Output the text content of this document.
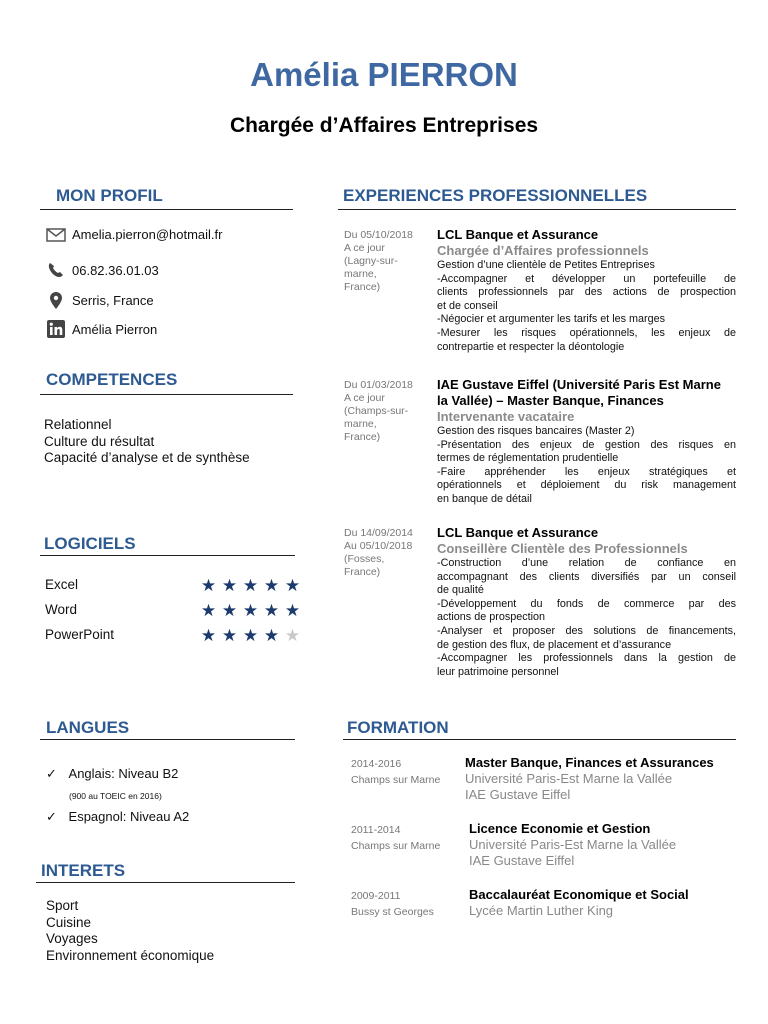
Amélia PIERRON
Chargée d’Affaires Entreprises
MON PROFIL
Amelia.pierron@hotmail.fr
06.82.36.01.03
Serris, France
Amélia Pierron
COMPETENCES
Relationnel
Culture du résultat
Capacité d’analyse et de synthèse
LOGICIELS
Excel	★ ★ ★ ★ ★
Word	★ ★ ★ ★ ★
PowerPoint	★ ★ ★ ★ ★
LANGUES
✓ Anglais: Niveau B2
(900 au TOEIC en 2016)
✓ Espagnol: Niveau A2
INTERETS
Sport
Cuisine
Voyages
Environnement économique
EXPERIENCES PROFESSIONNELLES
Du 05/10/2018
A ce jour
(Lagny-sur-
marne,
France)
LCL Banque et Assurance
Chargée d’Affaires professionnels
Gestion d’une clientèle de Petites Entreprises
-Accompagner et développer un portefeuille de
clients professionnels par des actions de prospection
et de conseil
-Négocier et argumenter les tarifs et les marges
-Mesurer les risques opérationnels, les enjeux de
contrepartie et respecter la déontologie
Du 01/03/2018
A ce jour
(Champs-sur-
marne,
France)
IAE Gustave Eiffel (Université Paris Est Marne
la Vallée) – Master Banque, Finances
Intervenante vacataire
Gestion des risques bancaires (Master 2)
-Présentation des enjeux de gestion des risques en
termes de réglementation prudentielle
-Faire appréhender les enjeux stratégiques et
opérationnels et déploiement du risk management
en banque de détail
Du 14/09/2014
Au 05/10/2018
(Fosses,
France)
LCL Banque et Assurance
Conseillère Clientèle des Professionnels
-Construction d’une relation de confiance en
accompagnant des clients diversifiés par un conseil
de qualité
-Développement du fonds de commerce par des
actions de prospection
-Analyser et proposer des solutions de financements,
de gestion des flux, de placement et d’assurance
-Accompagner les professionnels dans la gestion de
leur patrimoine personnel
FORMATION
2014-2016
Champs sur Marne
Master Banque, Finances et Assurances
Université Paris-Est Marne la Vallée
IAE Gustave Eiffel
2011-2014
Champs sur Marne
Licence Economie et Gestion
Université Paris-Est Marne la Vallée
IAE Gustave Eiffel
2009-2011
Bussy st Georges
Baccalauréat Economique et Social
Lycée Martin Luther King
